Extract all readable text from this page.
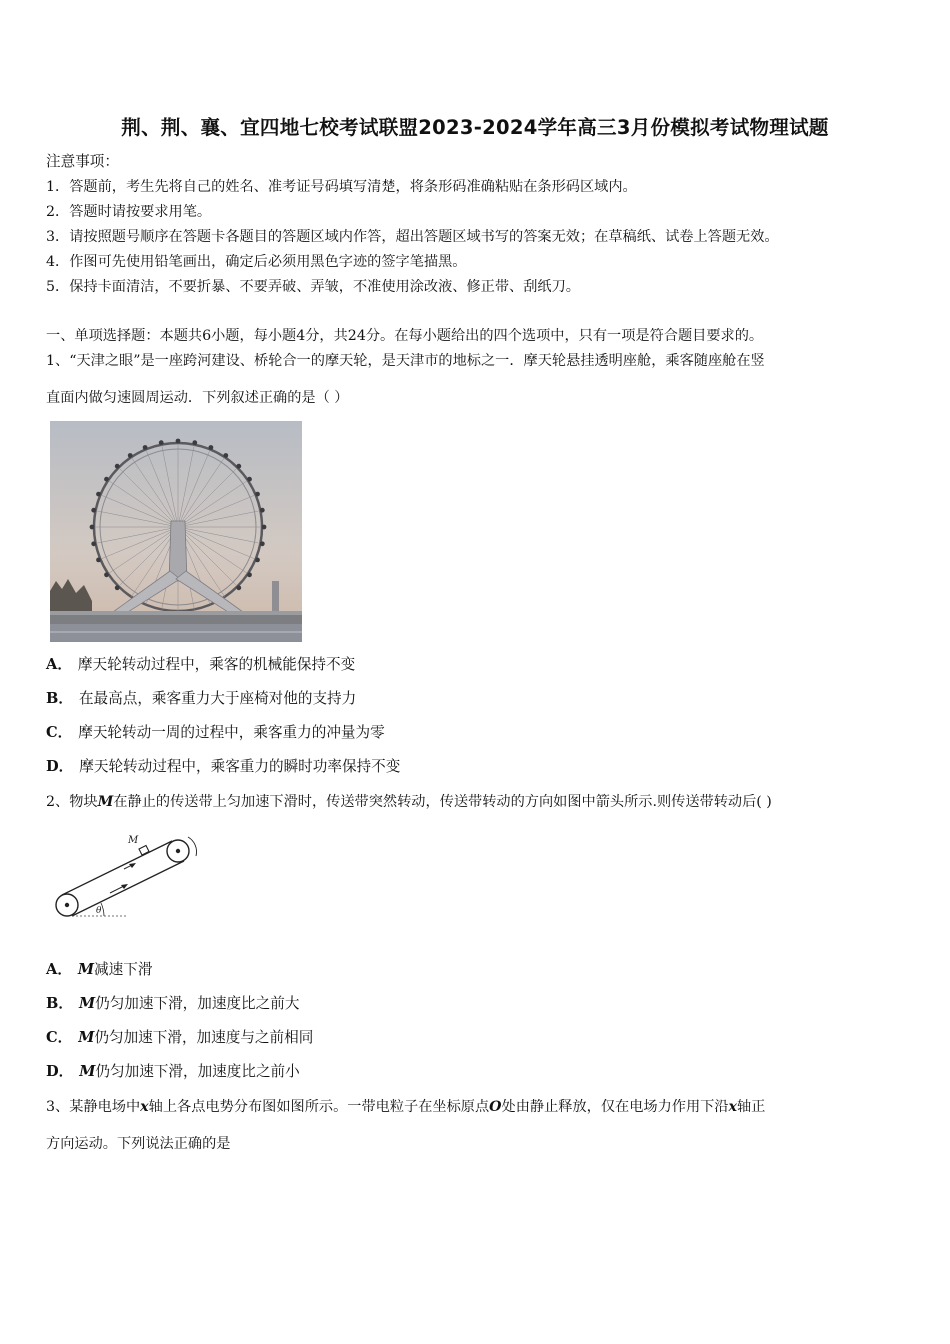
荆、荆、襄、宜四地七校考试联盟2023-2024学年高三3月份模拟考试物理试题
注意事项：
1．答题前，考生先将自己的姓名、准考证号码填写清楚，将条形码准确粘贴在条形码区域内。
2．答题时请按要求用笔。
3．请按照题号顺序在答题卡各题目的答题区域内作答，超出答题区域书写的答案无效；在草稿纸、试卷上答题无效。
4．作图可先使用铅笔画出，确定后必须用黑色字迹的签字笔描黑。
5．保持卡面清洁，不要折暴、不要弄破、弄皱，不准使用涂改液、修正带、刮纸刀。
一、单项选择题：本题共6小题，每小题4分，共24分。在每小题给出的四个选项中，只有一项是符合题目要求的。
1、“天津之眼”是一座跨河建设、桥轮合一的摩天轮，是天津市的地标之一．摩天轮悬挂透明座舱，乘客随座舱在竖
直面内做匀速圆周运动．下列叙述正确的是（ ）
A． 摩天轮转动过程中，乘客的机械能保持不变
B． 在最高点，乘客重力大于座椅对他的支持力
C． 摩天轮转动一周的过程中，乘客重力的冲量为零
D． 摩天轮转动过程中，乘客重力的瞬时功率保持不变
2、物块M在静止的传送带上匀加速下滑时，传送带突然转动，传送带转动的方向如图中箭头所示.则传送带转动后( )
M
θ
A． M减速下滑
B． M仍匀加速下滑，加速度比之前大
C． M仍匀加速下滑，加速度与之前相同
D． M仍匀加速下滑，加速度比之前小
3、某静电场中x轴上各点电势分布图如图所示。一带电粒子在坐标原点O处由静止释放，仅在电场力作用下沿x轴正
方向运动。下列说法正确的是
